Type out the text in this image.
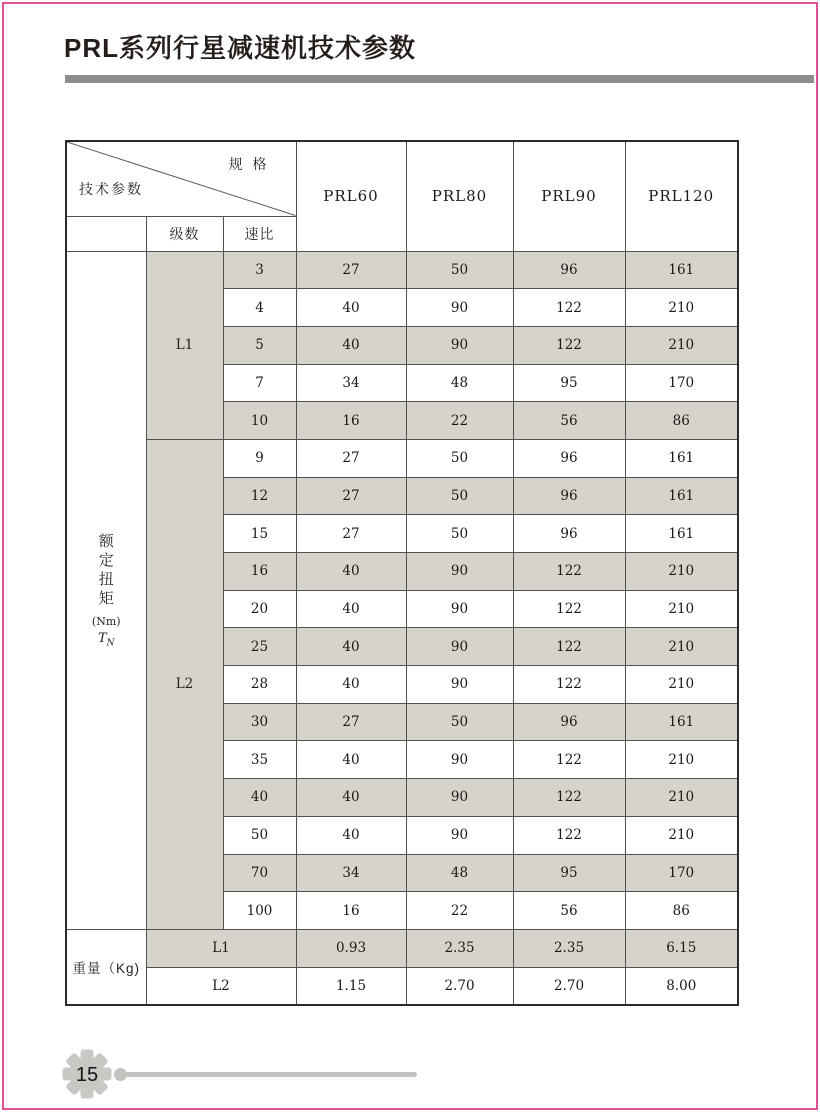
PRL系列行星减速机技术参数
规 格
技术参数			PRL60	PRL80	PRL90	PRL120
	级数	速比				

额
定
扭
矩
(Nm)
$T_N$
	L1	3	27	50	96	161
		4	40	90	122	210
		5	40	90	122	210
		7	34	48	95	170
		10	16	22	56	86
	L2	9	27	50	96	161
		12	27	50	96	161
		15	27	50	96	161
		16	40	90	122	210
		20	40	90	122	210
		25	40	90	122	210
		28	40	90	122	210
		30	27	50	96	161
		35	40	90	122	210
		40	40	90	122	210
		50	40	90	122	210
		70	34	48	95	170
		100	16	22	56	86
重量（Kg)	L1		0.93	2.35	2.35	6.15
	L2		1.15	2.70	2.70	8.00
15
